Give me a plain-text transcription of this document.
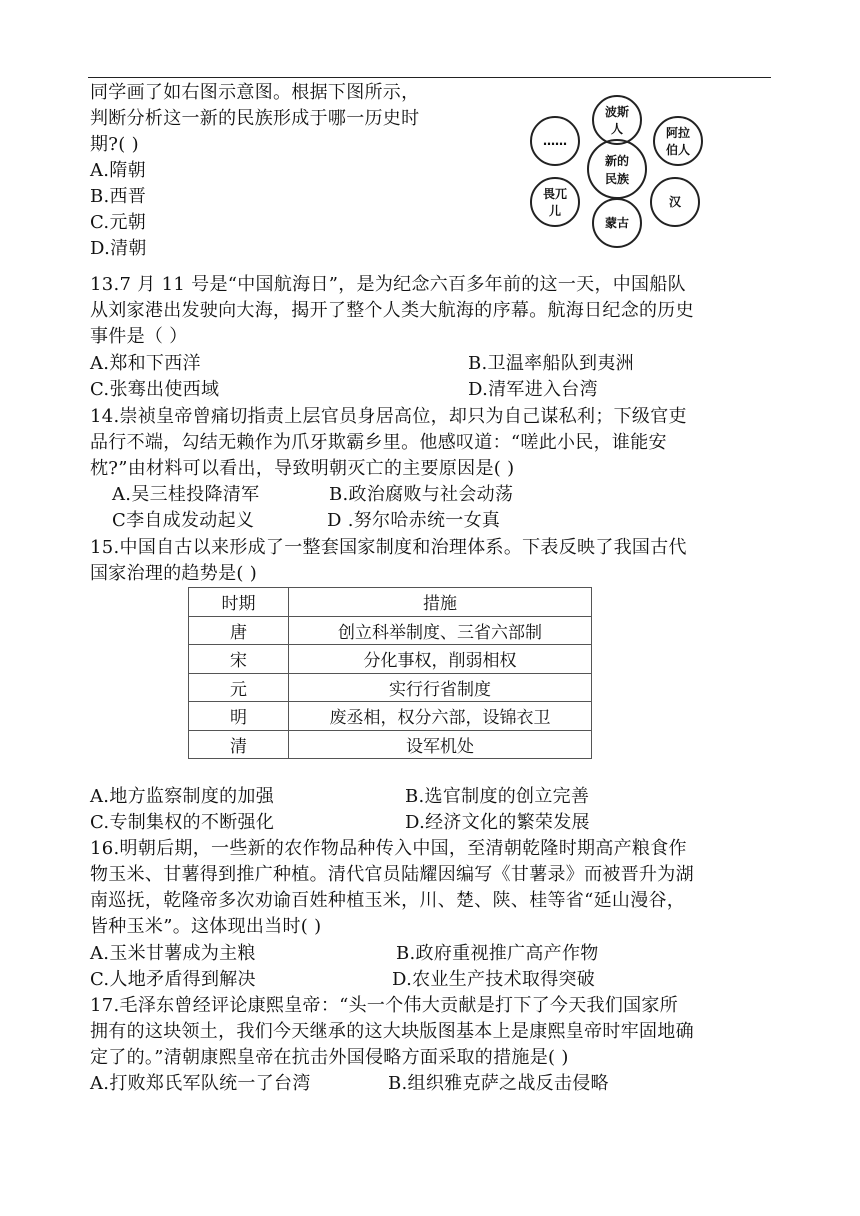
同学画了如右图示意图。根据下图所示，
判断分析这一新的民族形成于哪一历史时
期?( )
A.隋朝
B.西晋
C.元朝
D.清朝
新的
民族
波斯
人	阿拉
伯人
汉
蒙古
畏兀
儿
……
13.7 月 11 号是“中国航海日”，是为纪念六百多年前的这一天，中国船队
从刘家港出发驶向大海，揭开了整个人类大航海的序幕。航海日纪念的历史
事件是（ ）
A.郑和下西洋	B.卫温率船队到夷洲
C.张骞出使西域	D.清军进入台湾
14.崇祯皇帝曾痛切指责上层官员身居高位，却只为自己谋私利；下级官吏
品行不端，勾结无赖作为爪牙欺霸乡里。他感叹道：“嗟此小民，谁能安
枕?”由材料可以看出，导致明朝灭亡的主要原因是( )
A.吴三桂投降清军	B.政治腐败与社会动荡
C李自成发动起义	D .努尔哈赤统一女真
15.中国自古以来形成了一整套国家制度和治理体系。下表反映了我国古代
国家治理的趋势是( )
时期	措施
唐	创立科举制度、三省六部制
宋	分化事权，削弱相权
元	实行行省制度
明	废丞相，权分六部，设锦衣卫
清	设军机处
A.地方监察制度的加强	B.选官制度的创立完善
C.专制集权的不断强化	D.经济文化的繁荣发展
16.明朝后期，一些新的农作物品种传入中国，至清朝乾隆时期高产粮食作
物玉米、甘薯得到推广种植。清代官员陆耀因编写《甘薯录》而被晋升为湖
南巡抚，乾隆帝多次劝谕百姓种植玉米，川、楚、陕、桂等省“延山漫谷，
皆种玉米”。这体现出当时( )
A.玉米甘薯成为主粮	B.政府重视推广高产作物
C.人地矛盾得到解决	D.农业生产技术取得突破
17.毛泽东曾经评论康熙皇帝：“头一个伟大贡献是打下了今天我们国家所
拥有的这块领土，我们今天继承的这大块版图基本上是康熙皇帝时牢固地确
定了的。”清朝康熙皇帝在抗击外国侵略方面采取的措施是( )
A.打败郑氏军队统一了台湾	B.组织雅克萨之战反击侵略
